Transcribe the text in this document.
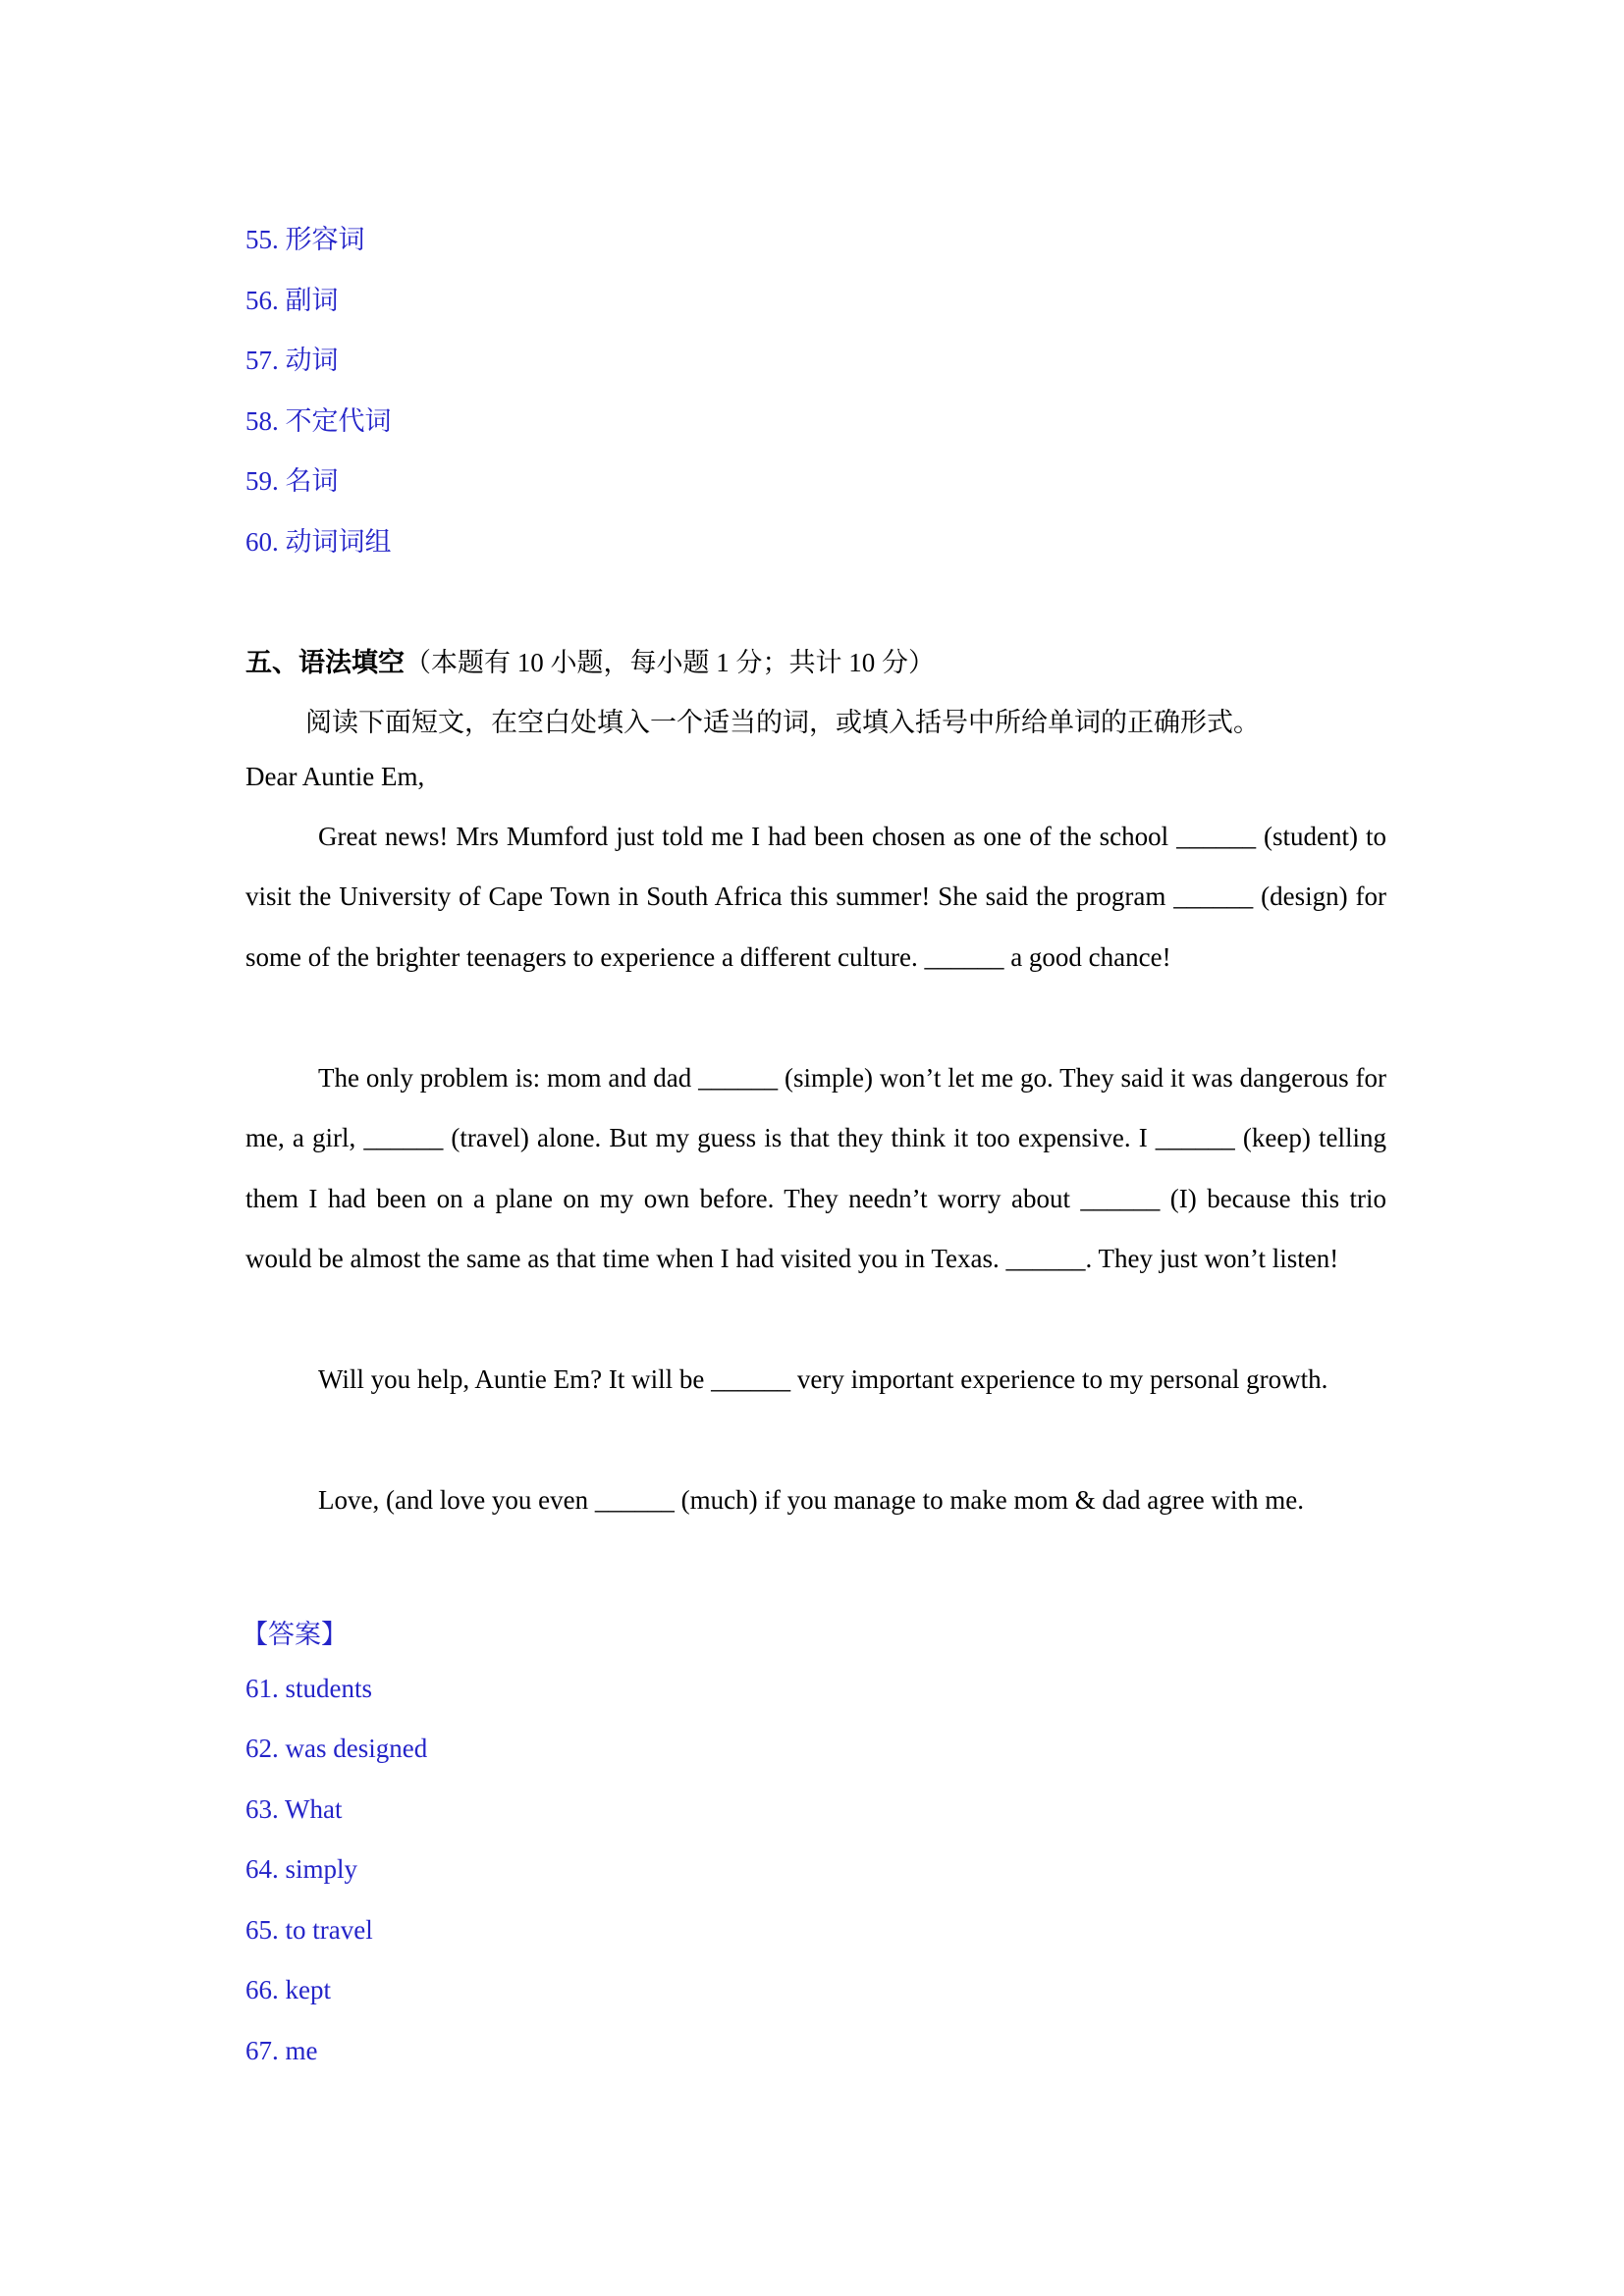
55. 形容词
56. 副词
57. 动词
58. 不定代词
59. 名词
60. 动词词组
五、语法填空（本题有 10 小题，每小题 1 分；共计 10 分）
阅读下面短文，在空白处填入一个适当的词，或填入括号中所给单词的正确形式。
Dear Auntie Em,
Great news! Mrs Mumford just told me I had been chosen as one of the school ______ (student) to visit the University of Cape Town in South Africa this summer! She said the program ______ (design) for some of the brighter teenagers to experience a different culture. ______ a good chance!
The only problem is: mom and dad ______ (simple) won’t let me go. They said it was dangerous for me, a girl, ______ (travel) alone. But my guess is that they think it too expensive. I ______ (keep) telling them I had been on a plane on my own before. They needn’t worry about ______ (I) because this trio would be almost the same as that time when I had visited you in Texas. ______. They just won’t listen!
Will you help, Auntie Em? It will be ______ very important experience to my personal growth.
Love, (and love you even ______ (much) if you manage to make mom & dad agree with me.
【答案】
61. students
62. was designed
63. What
64. simply
65. to travel
66. kept
67. me
